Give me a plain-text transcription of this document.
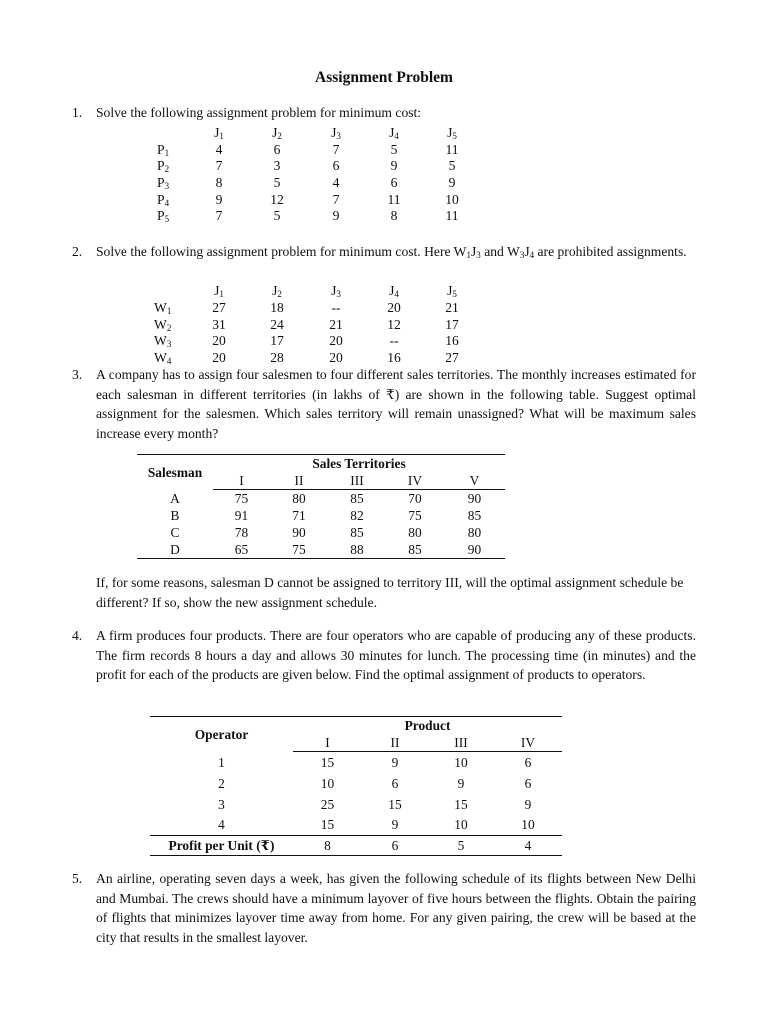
Assignment Problem
1. Solve the following assignment problem for minimum cost:
$J_1$	$J_2$	$J_3$	$J_4$	$J_5$
$P_1$	4	6	7	5	11
$P_2$	7	3	6	9	5
$P_3$	8	5	4	6	9
$P_4$	9	12	7	11	10
$P_5$	7	5	9	8	11
2. Solve the following assignment problem for minimum cost. Here $W_1J_3$ and $W_3J_4$ are prohibited assignments.
$J_1$	$J_2$	$J_3$	$J_4$	$J_5$
$W_1$	27	18	--	20	21
$W_2$	31	24	21	12	17
$W_3$	20	17	20	--	16
$W_4$	20	28	20	16	27
3. A company has to assign four salesmen to four different sales territories. The monthly increases estimated for each salesman in different territories (in lakhs of ₹) are shown in the following table. Suggest optimal assignment for the salesmen. Which sales territory will remain unassigned? What will be maximum sales increase every month?
Salesman	Sales Territories				
	I	II	III	IV	V
A	75	80	85	70	90
B	91	71	82	75	85
C	78	90	85	80	80
D	65	75	88	85	90
If, for some reasons, salesman D cannot be assigned to territory III, will the optimal assignment schedule be different? If so, show the new assignment schedule.
4. A firm produces four products. There are four operators who are capable of producing any of these products. The firm records 8 hours a day and allows 30 minutes for lunch. The processing time (in minutes) and the profit for each of the products are given below. Find the optimal assignment of products to operators.
Operator	Product			
	I	II	III	IV
1	15	9	10	6
2	10	6	9	6
3	25	15	15	9
4	15	9	10	10
Profit per Unit (₹)	8	6	5	4
5. An airline, operating seven days a week, has given the following schedule of its flights between New Delhi and Mumbai. The crews should have a minimum layover of five hours between the flights. Obtain the pairing of flights that minimizes layover time away from home. For any given pairing, the crew will be based at the city that results in the smallest layover.
